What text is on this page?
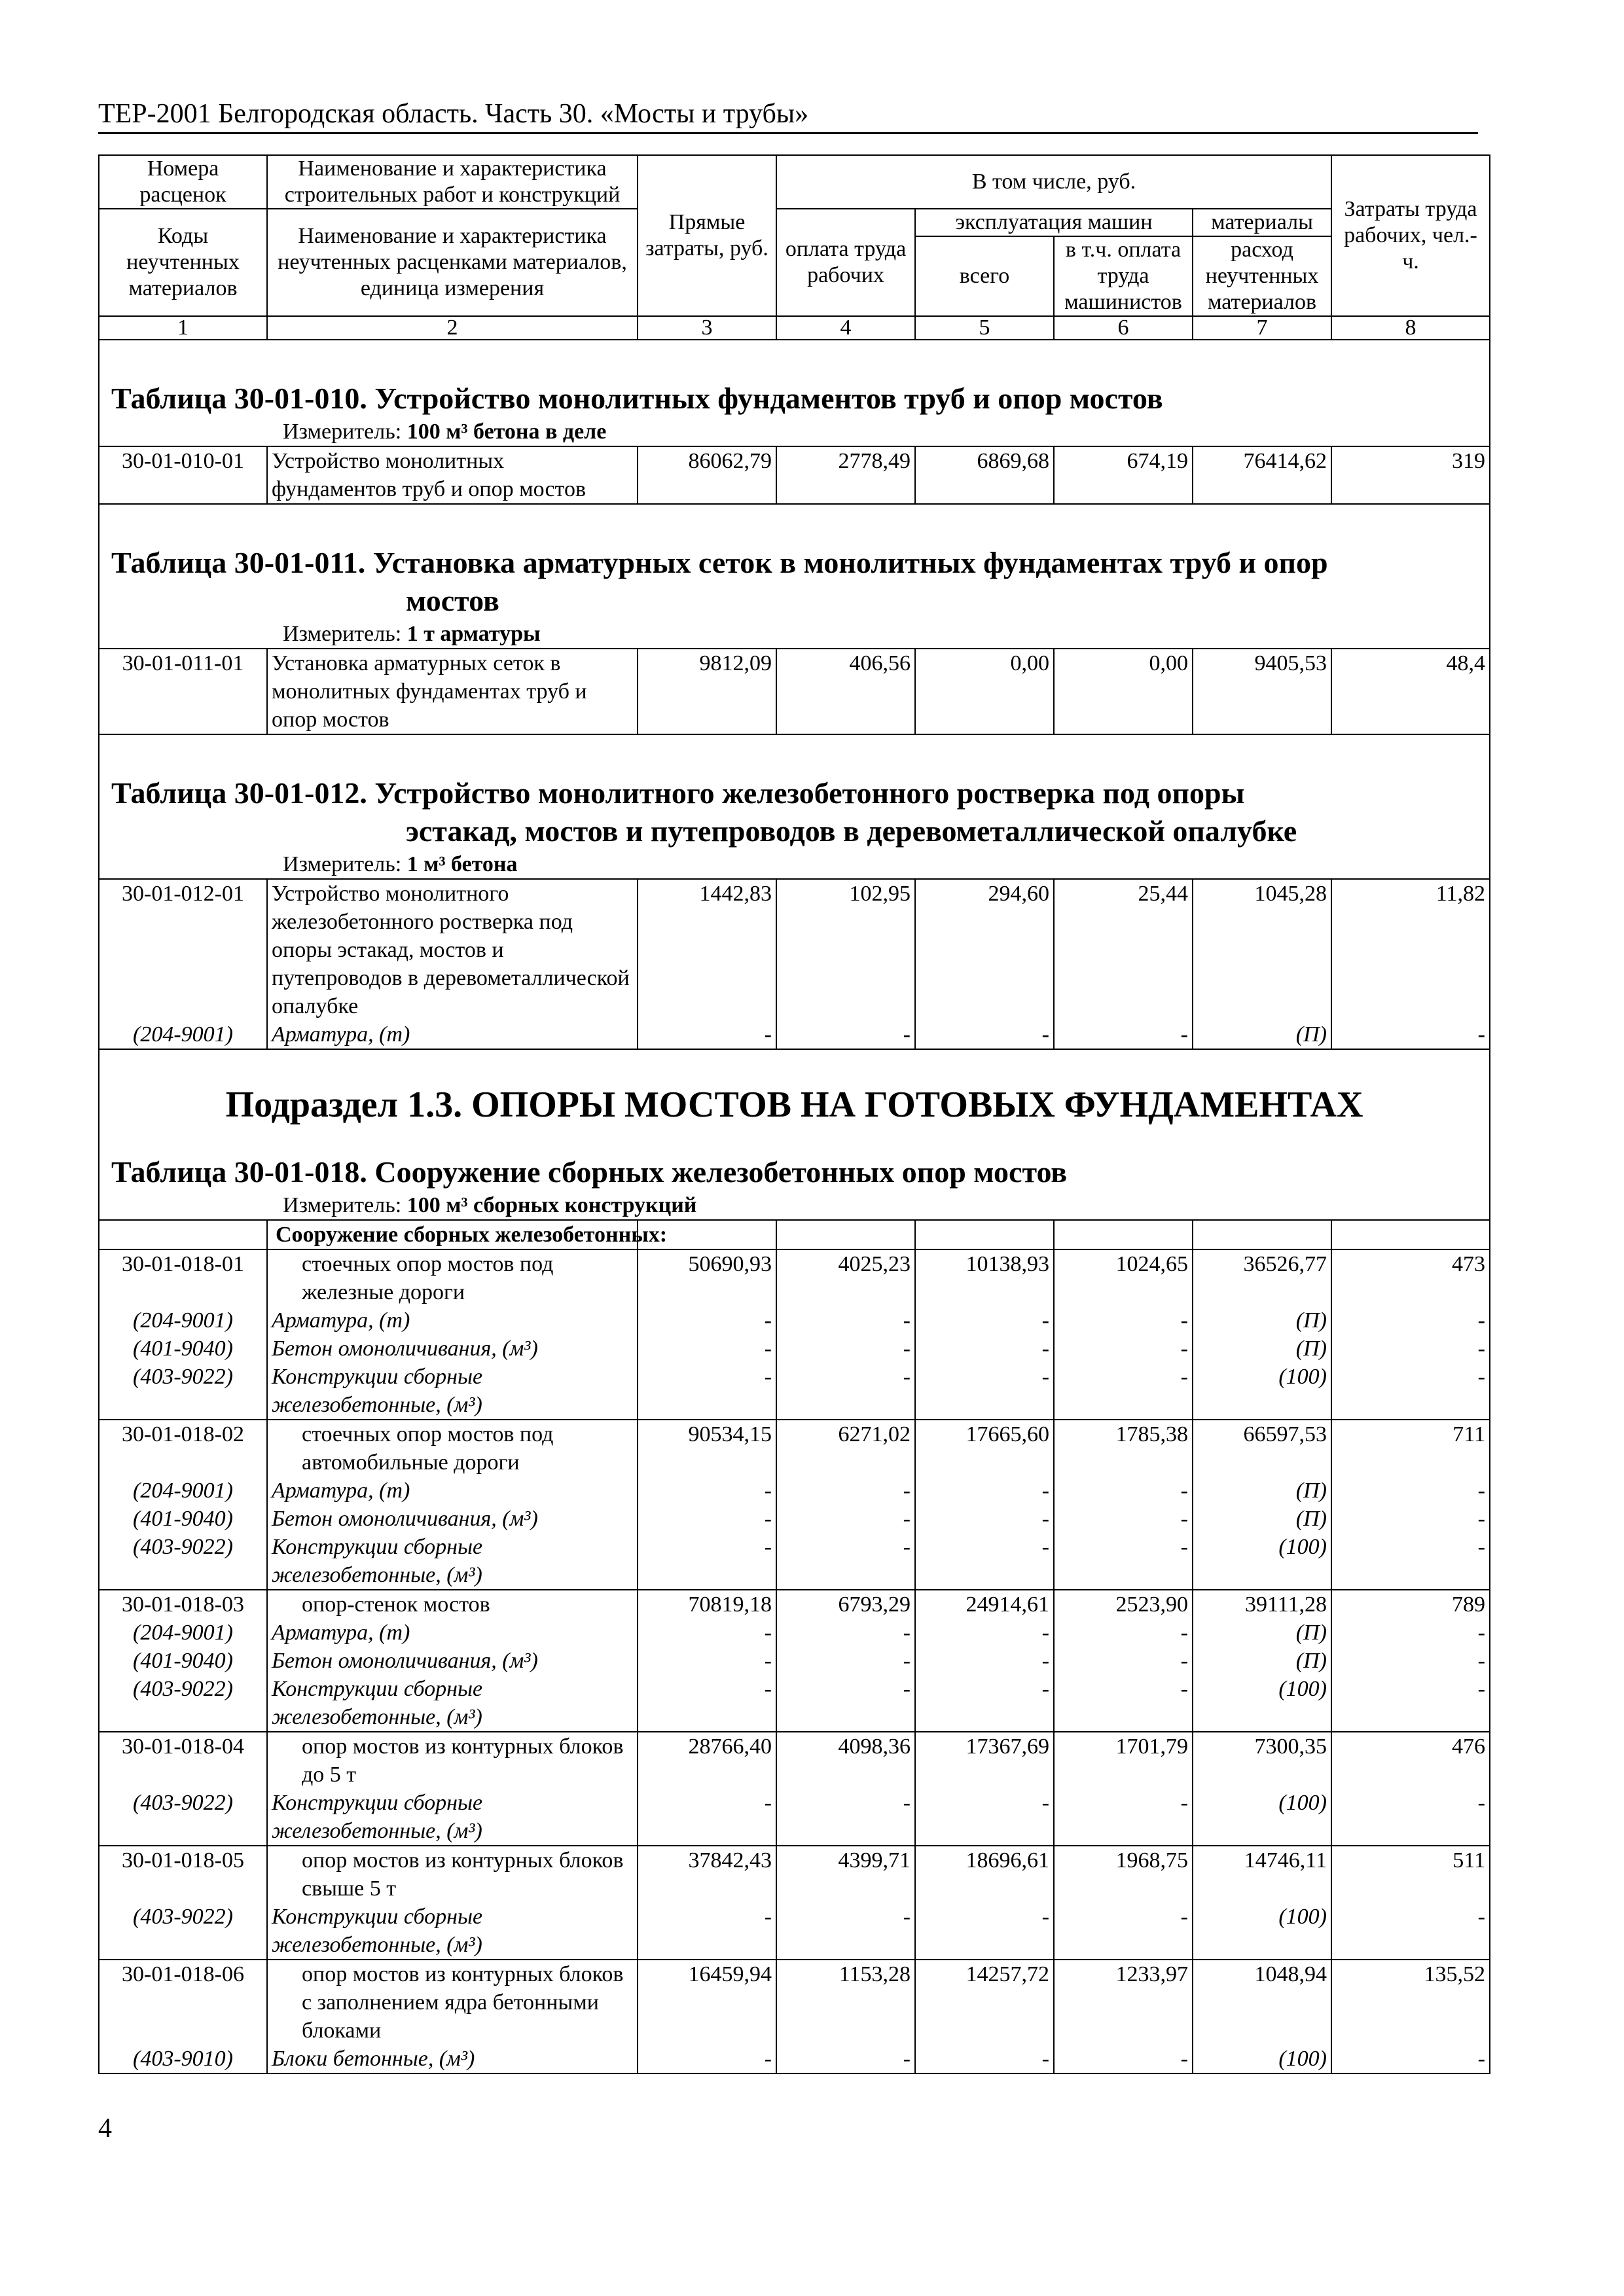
ТЕР-2001 Белгородская область. Часть 30. «Мосты и трубы»
Номера расценок	Наименование и характеристика строительных работ и конструкций	Прямые затраты, руб.	В том числе, руб.				Затраты труда рабочих, чел.-ч.
Коды неучтенных материалов	Наименование и характеристика неучтенных расценками материалов, единица измерения		оплата труда рабочих	эксплуатация машин		материалы	
				всего	в т.ч. оплата труда машинистов	расход неучтенных материалов	
1	2	3	4	5	6	7	8
Таблица 30-01-010. Устройство монолитных фундаментов труб и опор мостов							
Измеритель: 100 м³ бетона в деле							
30-01-010-01	Устройство монолитных фундаментов труб и опор мостов	86062,79	2778,49	6869,68	674,19	76414,62	319
Таблица 30-01-011. Установка арматурных сеток в монолитных фундаментах труб и опор
мостов							

Измеритель: 1 т арматуры							
30-01-011-01	Установка арматурных сеток в монолитных фундаментах труб и опор мостов	9812,09	406,56	0,00	0,00	9405,53	48,4
Таблица 30-01-012. Устройство монолитного железобетонного ростверка под опоры
эстакад, мостов и путепроводов в деревометаллической опалубке							

Измеритель: 1 м³ бетона							
30-01-012-01	Устройство монолитного железобетонного ростверка под опоры эстакад, мостов и путепроводов в деревометаллической опалубке	1442,83	102,95	294,60	25,44	1045,28	11,82
(204-9001)	Арматура, (т)	-	-	-	-	(П)	-
Подраздел 1.3. ОПОРЫ МОСТОВ НА ГОТОВЫХ ФУНДАМЕНТАХ							
Таблица 30-01-018. Сооружение сборных железобетонных опор мостов							
Измеритель: 100 м³ сборных конструкций							
	Сооружение сборных железобетонных:						
30-01-018-01	стоечных опор мостов под железные дороги	50690,93	4025,23	10138,93	1024,65	36526,77	473
(204-9001)	Арматура, (т)	-	-	-	-	(П)	-
(401-9040)	Бетон омоноличивания, (м³)	-	-	-	-	(П)	-
(403-9022)	Конструкции сборные железобетонные, (м³)	-	-	-	-	(100)	-
30-01-018-02	стоечных опор мостов под автомобильные дороги	90534,15	6271,02	17665,60	1785,38	66597,53	711
(204-9001)	Арматура, (т)	-	-	-	-	(П)	-
(401-9040)	Бетон омоноличивания, (м³)	-	-	-	-	(П)	-
(403-9022)	Конструкции сборные железобетонные, (м³)	-	-	-	-	(100)	-
30-01-018-03	опор-стенок мостов	70819,18	6793,29	24914,61	2523,90	39111,28	789
(204-9001)	Арматура, (т)	-	-	-	-	(П)	-
(401-9040)	Бетон омоноличивания, (м³)	-	-	-	-	(П)	-
(403-9022)	Конструкции сборные железобетонные, (м³)	-	-	-	-	(100)	-
30-01-018-04	опор мостов из контурных блоков до 5 т	28766,40	4098,36	17367,69	1701,79	7300,35	476
(403-9022)	Конструкции сборные железобетонные, (м³)	-	-	-	-	(100)	-
30-01-018-05	опор мостов из контурных блоков свыше 5 т	37842,43	4399,71	18696,61	1968,75	14746,11	511
(403-9022)	Конструкции сборные железобетонные, (м³)	-	-	-	-	(100)	-
30-01-018-06	опор мостов из контурных блоков с заполнением ядра бетонными блоками	16459,94	1153,28	14257,72	1233,97	1048,94	135,52
(403-9010)	Блоки бетонные, (м³)	-	-	-	-	(100)	-
4
